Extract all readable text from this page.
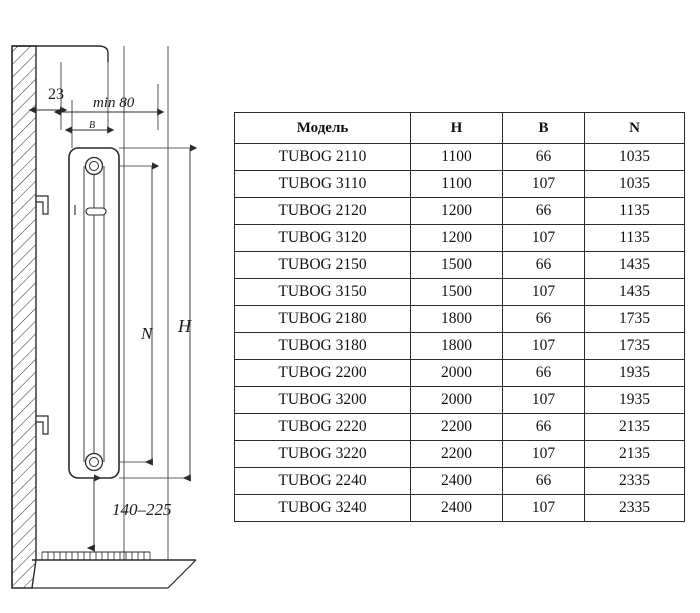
23 min 80
B
N H
140–225
Модель	H	B	N
TUBOG 2110	1100	66	1035
TUBOG 3110	1100	107	1035
TUBOG 2120	1200	66	1135
TUBOG 3120	1200	107	1135
TUBOG 2150	1500	66	1435
TUBOG 3150	1500	107	1435
TUBOG 2180	1800	66	1735
TUBOG 3180	1800	107	1735
TUBOG 2200	2000	66	1935
TUBOG 3200	2000	107	1935
TUBOG 2220	2200	66	2135
TUBOG 3220	2200	107	2135
TUBOG 2240	2400	66	2335
TUBOG 3240	2400	107	2335
